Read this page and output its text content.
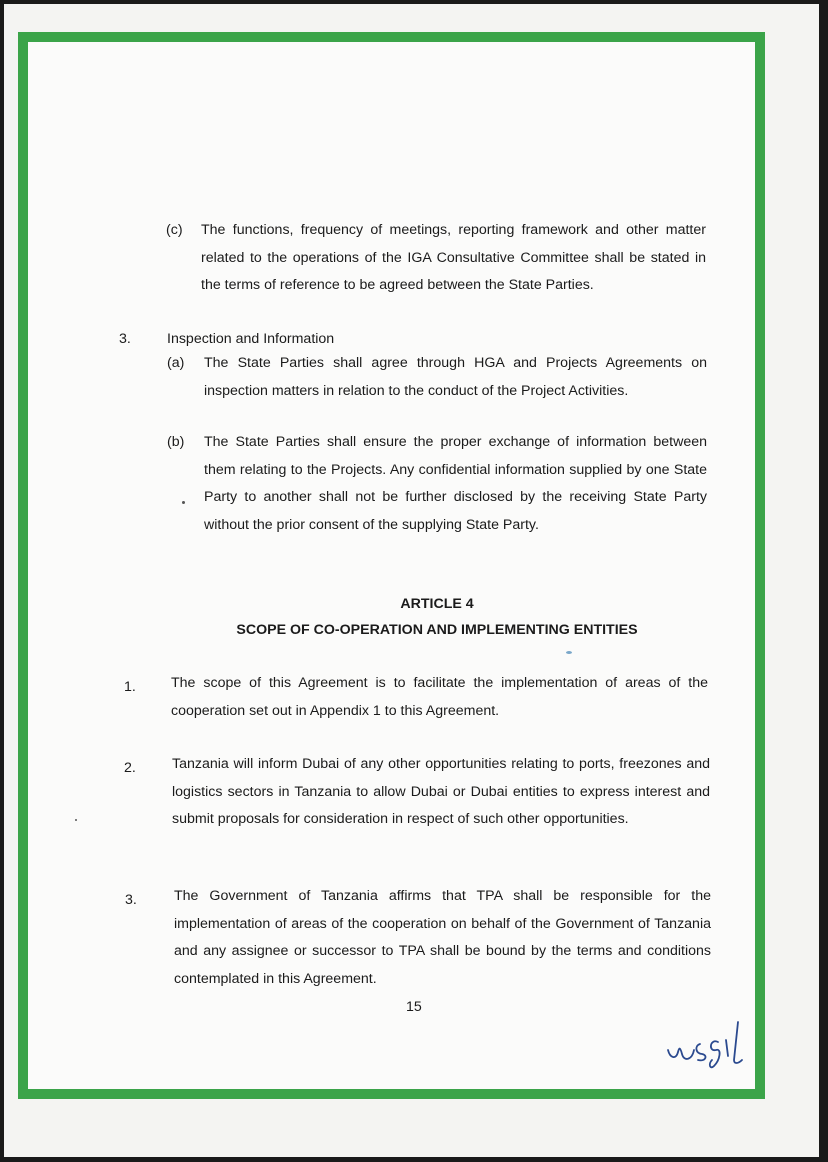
(c) The functions, frequency of meetings, reporting framework and other matter related to the operations of the IGA Consultative Committee shall be stated in the terms of reference to be agreed between the State Parties.

3.	Inspection and Information

(a) The State Parties shall agree through HGA and Projects Agreements on inspection matters in relation to the conduct of the Project Activities.

(b) The State Parties shall ensure the proper exchange of information between them relating to the Projects. Any confidential information supplied by one State Party to another shall not be further disclosed by the receiving State Party without the prior consent of the supplying State Party.

ARTICLE 4

SCOPE OF CO-OPERATION AND IMPLEMENTING ENTITIES

1. The scope of this Agreement is to facilitate the implementation of areas of the cooperation set out in Appendix 1 to this Agreement.

2.	Tanzania will inform Dubai of any other opportunities relating to ports, freezones and logistics sectors in Tanzania to allow Dubai or Dubai entities to express interest and submit proposals for consideration in respect of such other opportunities.

3.	The Government of Tanzania affirms that TPA shall be responsible for the implementation of areas of the cooperation on behalf of the Government of Tanzania and any assignee or successor to TPA shall be bound by the terms and conditions contemplated in this Agreement.

15
